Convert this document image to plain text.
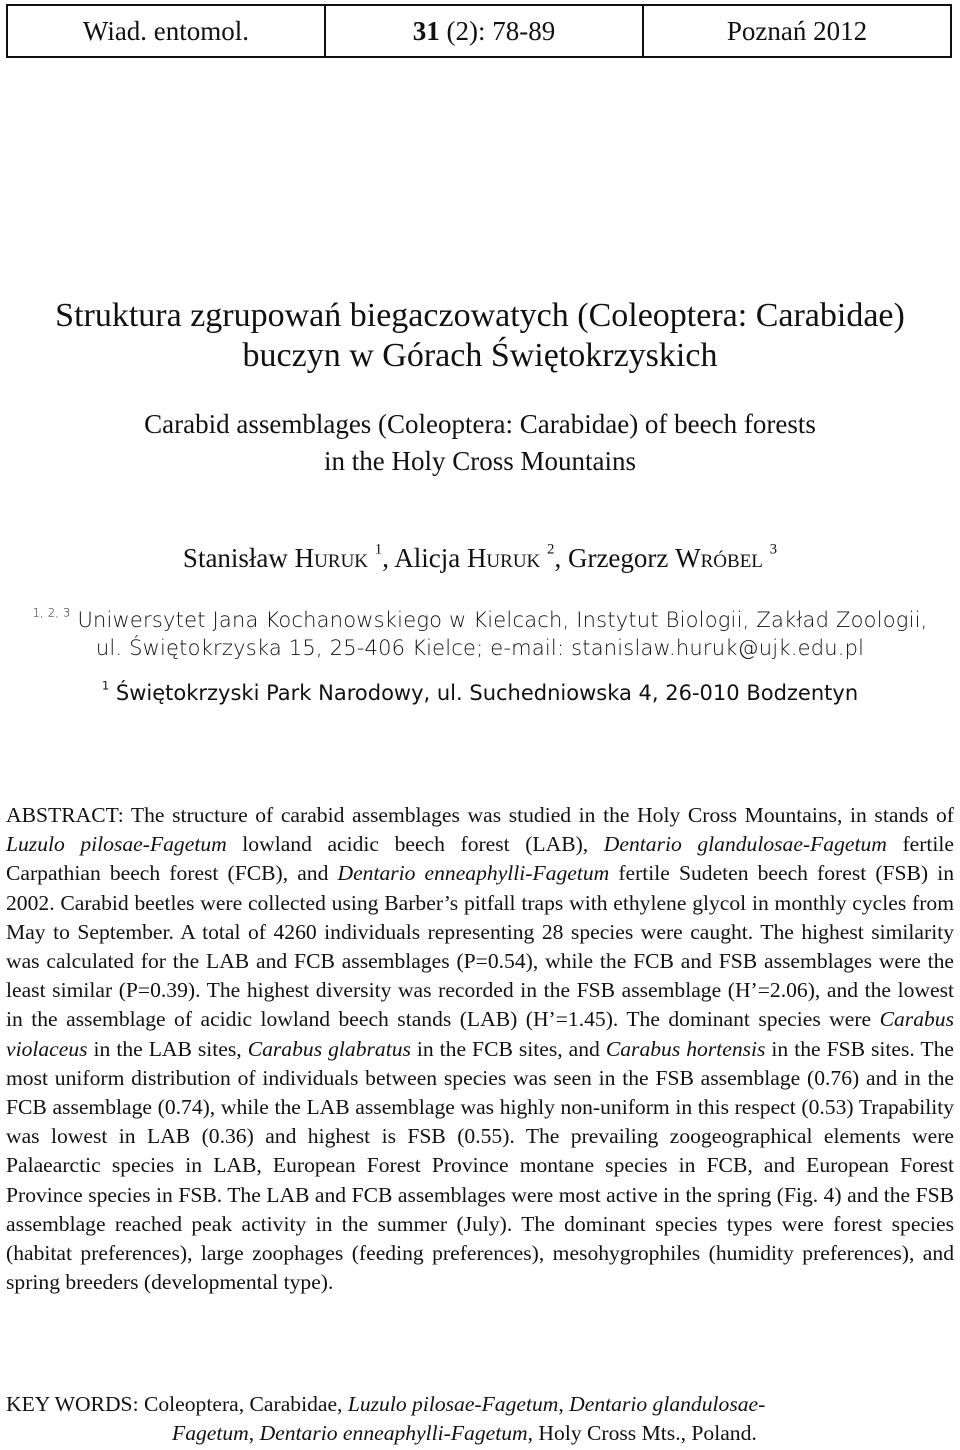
Wiad. entomol.	31 (2): 78-89	Poznań 2012
Struktura zgrupowań biegaczowatych (Coleoptera: Carabidae)
buczyn w Górach Świętokrzyskich
Carabid assemblages (Coleoptera: Carabidae) of beech forests
in the Holy Cross Mountains
Stanisław Huruk $^1$, Alicja Huruk $^2$, Grzegorz Wróbel $^3$
$^{1, 2, 3}$ Uniwersytet Jana Kochanowskiego w Kielcach, Instytut Biologii, Zakład Zoologii,
ul. Świętokrzyska 15, 25-406 Kielce; e-mail: stanislaw.huruk@ujk.edu.pl
$^1$ Świętokrzyski Park Narodowy, ul. Suchedniowska 4, 26-010 Bodzentyn
ABSTRACT: The structure of carabid assemblages was studied in the Holy Cross Mountains, in stands of Luzulo pilosae-Fagetum lowland acidic beech forest (LAB), Dentario glandulosae-Fagetum fertile Carpathian beech forest (FCB), and Dentario enneaphylli-Fagetum fertile Sudeten beech forest (FSB) in 2002. Carabid beetles were collected using Barber’s pitfall traps with ethylene glycol in monthly cycles from May to September. A total of 4260 individuals representing 28 species were caught. The highest similarity was calculated for the LAB and FCB assemblages (P=0.54), while the FCB and FSB assemblages were the least similar (P=0.39). The highest diversity was recorded in the FSB assemblage (H’=2.06), and the lowest in the assemblage of acidic lowland beech stands (LAB) (H’=1.45). The dominant species were Carabus violaceus in the LAB sites, Carabus glabratus in the FCB sites, and Carabus hortensis in the FSB sites. The most uniform distribution of individuals between species was seen in the FSB assemblage (0.76) and in the FCB assemblage (0.74), while the LAB assemblage was highly non-uniform in this respect (0.53) Trapability was lowest in LAB (0.36) and highest is FSB (0.55). The prevailing zoogeographical elements were Palaearctic species in LAB, European Forest Province montane species in FCB, and European Forest Province species in FSB. The LAB and FCB assemblages were most active in the spring (Fig. 4) and the FSB assemblage reached peak activity in the summer (July). The dominant species types were forest species (habitat preferences), large zoophages (feeding preferences), mesohygrophiles (humidity preferences), and spring breeders (developmental type).
KEY WORDS: Coleoptera, Carabidae, Luzulo pilosae-Fagetum, Dentario glandulosae-
Fagetum, Dentario enneaphylli-Fagetum, Holy Cross Mts., Poland.
